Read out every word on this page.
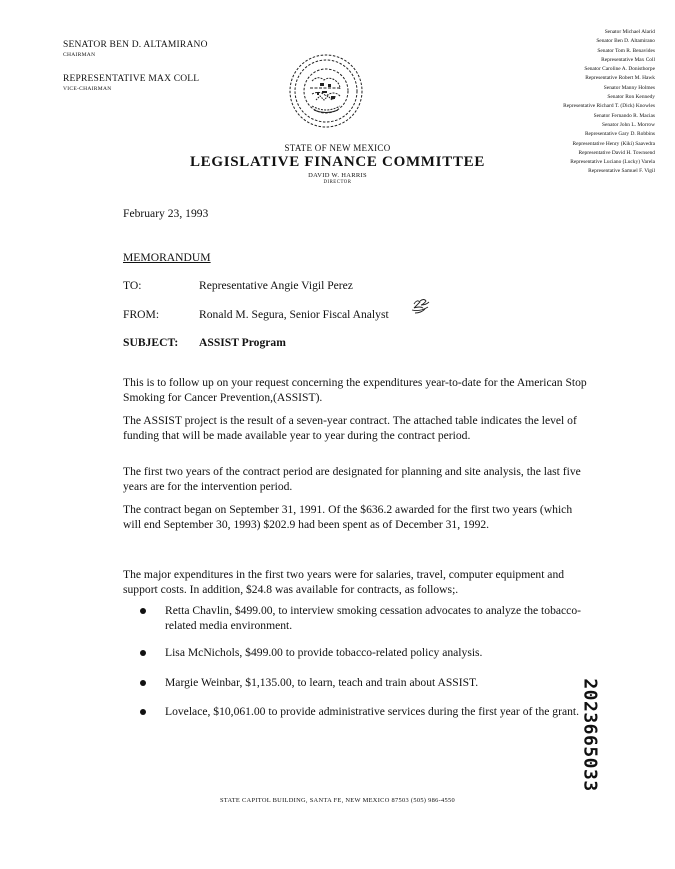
SENATOR BEN D. ALTAMIRANO
CHAIRMAN
REPRESENTATIVE MAX COLL
VICE-CHAIRMAN
Senator Michael Alarid
Senator Ben D. Altamirano
Senator Tom R. Benavides
Representative Max Coll
Senator Caroline A. Donisthorpe
Representative Robert M. Hawk
Senator Manny Holmes
Senator Ron Kennedy
Representative Richard T. (Dick) Knowles
Senator Fernando R. Macias
Senator John L. Morrow
Representative Gary D. Robbins
Representative Henry (Kiki) Saavedra
Representative David H. Townsend
Representative Luciano (Lucky) Varela
Representative Samuel F. Vigil
STATE OF NEW MEXICO
LEGISLATIVE FINANCE COMMITTEE
DAVID W. HARRIS
DIRECTOR
February 23, 1993
MEMORANDUM
TO:	Representative Angie Vigil Perez
FROM:	Ronald M. Segura, Senior Fiscal Analyst
SUBJECT: ASSIST Program

This is to follow up on your request concerning the expenditures year-to-date for the American Stop Smoking for Cancer Prevention,(ASSIST).

The ASSIST project is the result of a seven-year contract. The attached table indicates the level of funding that will be made available year to year during the contract period.

The first two years of the contract period are designated for planning and site analysis, the last five years are for the intervention period.

The contract began on September 31, 1991. Of the $636.2 awarded for the first two years (which will end September 30, 1993) $202.9 had been spent as of December 31, 1992.

The major expenditures in the first two years were for salaries, travel, computer equipment and support costs. In addition, $24.8 was available for contracts, as follows;.

Retta Chavlin, $499.00, to interview smoking cessation advocates to analyze the tobacco-related media environment.
Lisa McNichols, $499.00 to provide tobacco-related policy analysis.
Margie Weinbar, $1,135.00, to learn, teach and train about ASSIST.
Lovelace, $10,061.00 to provide administrative services during the first year of the grant. 2023665033
STATE CAPITOL BUILDING, SANTA FE, NEW MEXICO 87503 (505) 986-4550
